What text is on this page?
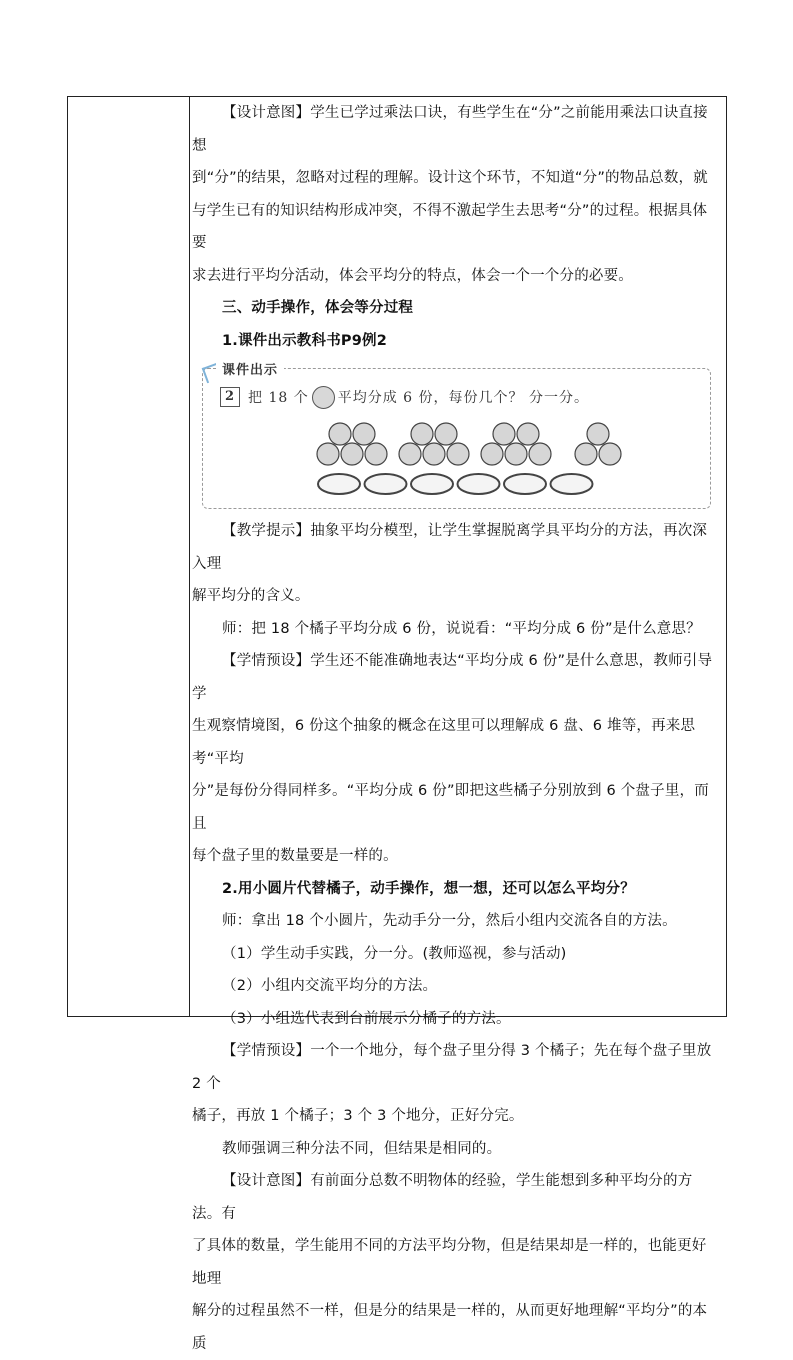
【设计意图】学生已学过乘法口诀，有些学生在“分”之前能用乘法口诀直接想

到“分”的结果，忽略对过程的理解。设计这个环节，不知道“分”的物品总数，就

与学生已有的知识结构形成冲突，不得不激起学生去思考“分”的过程。根据具体要

求去进行平均分活动，体会平均分的特点，体会一个一个分的必要。

三、动手操作，体会等分过程

1.课件出示教科书P9例2

课件出示
2 把 18 个 平均分成 6 份，每份几个？ 分一分。

【教学提示】抽象平均分模型，让学生掌握脱离学具平均分的方法，再次深入理

解平均分的含义。

师：把 18 个橘子平均分成 6 份，说说看：“平均分成 6 份”是什么意思？

【学情预设】学生还不能准确地表达“平均分成 6 份”是什么意思，教师引导学

生观察情境图，6 份这个抽象的概念在这里可以理解成 6 盘、6 堆等，再来思考“平均

分”是每份分得同样多。“平均分成 6 份”即把这些橘子分别放到 6 个盘子里，而且

每个盘子里的数量要是一样的。

2.用小圆片代替橘子，动手操作，想一想，还可以怎么平均分？

师：拿出 18 个小圆片，先动手分一分，然后小组内交流各自的方法。

（1）学生动手实践，分一分。(教师巡视，参与活动)

（2）小组内交流平均分的方法。

（3）小组选代表到台前展示分橘子的方法。

【学情预设】一个一个地分，每个盘子里分得 3 个橘子；先在每个盘子里放 2 个

橘子，再放 1 个橘子；3 个 3 个地分，正好分完。

教师强调三种分法不同，但结果是相同的。

【设计意图】有前面分总数不明物体的经验，学生能想到多种平均分的方法。有

了具体的数量，学生能用不同的方法平均分物，但是结果却是一样的，也能更好地理

解分的过程虽然不一样，但是分的结果是一样的，从而更好地理解“平均分”的本质
